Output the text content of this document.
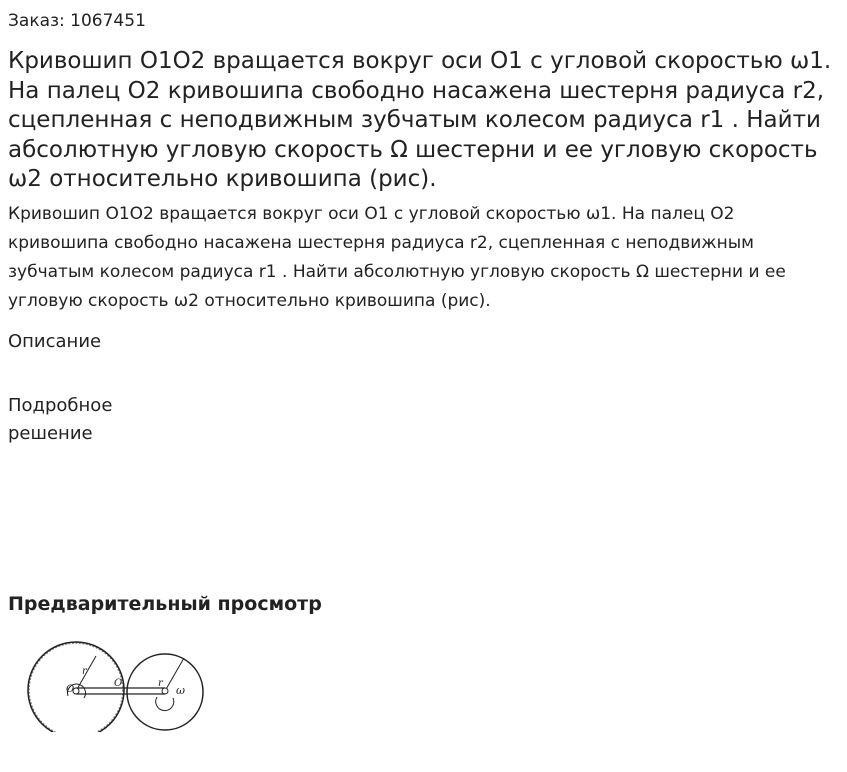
Заказ: 1067451
Кривошип O1O2 вращается вокруг оси O1 с угловой скоростью ω1. На палец O2 кривошипа свободно насажена шестерня радиуса r2, сцепленная с неподвижным зубчатым колесом радиуса r1 . Найти абсолютную угловую скорость Ω шестерни и ее угловую скорость ω2 относительно кривошипа (рис).

Кривошип O1O2 вращается вокруг оси O1 с угловой скоростью ω1. На палец O2 кривошипа свободно насажена шестерня радиуса r2, сцепленная с неподвижным зубчатым колесом радиуса r1 . Найти абсолютную угловую скорость Ω шестерни и ее угловую скорость ω2 относительно кривошипа (рис).

Описание
Подробное решение
Предварительный просмотр
r
O
O	r
ω
